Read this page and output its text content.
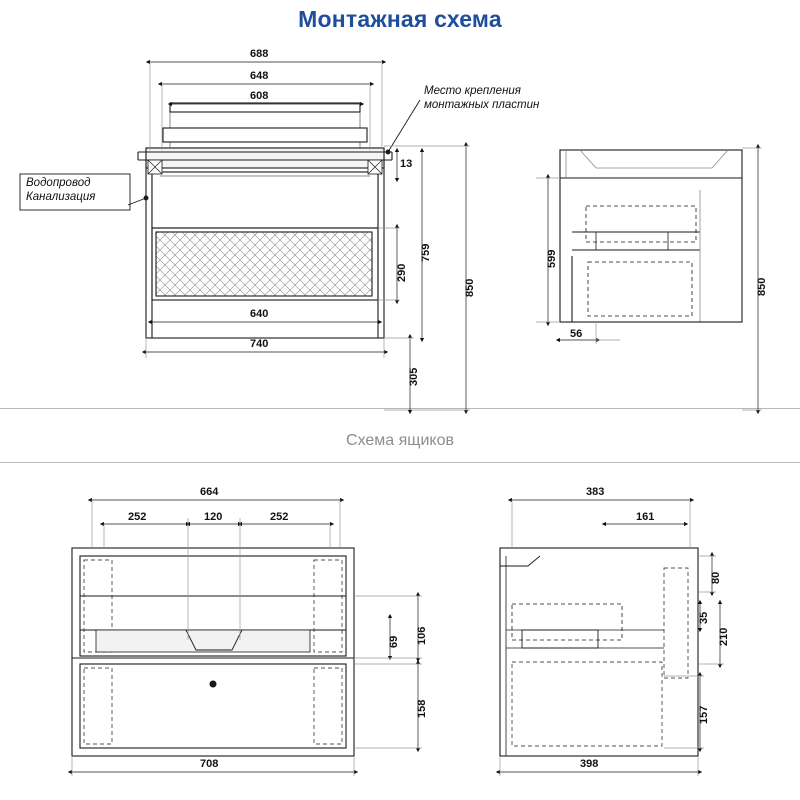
Монтажная схема
Схема ящиков
688
648
608
13
290
759
850
640
740
305
850
599
56
664
252	120	252
69 106
158
708
383
161
80
35
210
157
398
Место крепления
монтажных пластин
Водопровод
Канализация
